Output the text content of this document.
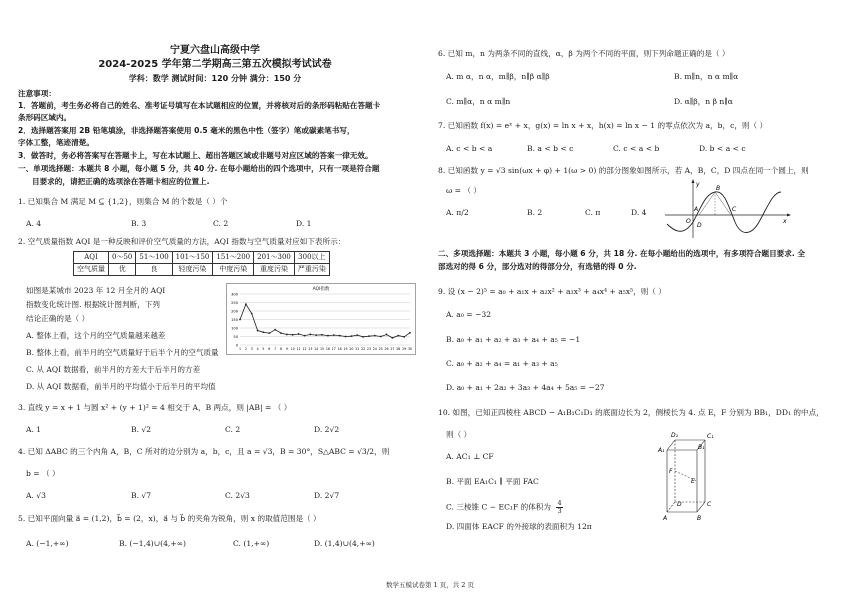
宁夏六盘山高级中学
2024-2025 学年第二学期高三第五次模拟考试试卷
学科：数学 测试时间：120 分钟 满分：150 分
注意事项：
1．答题前，考生务必将自己的姓名、准考证号填写在本试题相应的位置，并将核对后的条形码粘贴在答题卡
条形码区域内。
2．选择题答案用 2B 铅笔填涂，非选择题答案使用 0.5 毫米的黑色中性（签字）笔或碳素笔书写，
字体工整，笔迹清楚。
3．做答时，务必将答案写在答题卡上，写在本试题上、超出答题区域或非题号对应区域的答案一律无效。
一、单项选择题：本题共 8 小题，每小题 5 分，共 40 分. 在每小题给出的四个选项中，只有一项是符合题
目要求的，请把正确的选项涂在答题卡相应的位置上.
1. 已知集合 M 满足 M ⊆ {1,2}，则集合 M 的个数是（ ）个
A. 4	B. 3	C. 2	D. 1
2. 空气质量指数 AQI 是一种反映和评价空气质量的方法，AQI 指数与空气质量对应如下表所示：
AQI	0～50	51～100	101～150	151～200	201～300	300以上
空气质量	优	良	轻度污染	中度污染	重度污染	严重污染
如图是某城市 2023 年 12 月全月的 AQI
指数变化统计图. 根据统计图判断，下列
结论正确的是（ ）
AQI指数
0
50
100
150
200
250
300
1 2 3 4 5 6 7 8 9 10 11 12 13 14 15 16 17 18 19 20 21 22 23 24 25 26 27 28 29 30
A. 整体上看，这个月的空气质量越来越差
B. 整体上看，前半月的空气质量好于后半个月的空气质量
C. 从 AQI 数据看，前半月的方差大于后半月的方差
D. 从 AQI 数据看，前半月的平均值小于后半月的平均值
3. 直线 y = x + 1 与圆 x² + (y + 1)² = 4 相交于 A，B 两点，则 |AB| = （ ）
A. 1	B. √2	C. 2	D. 2√2
4. 已知 ΔABC 的三个内角 A，B，C 所对的边分别为 a，b，c，且 a = √3，B = 30°，S△ABC = √3/2，则
b = （ ）
A. √3	B. √7	C. 2√3	D. 2√7
5. 已知平面向量 a⃗ = (1,2)，b⃗ = (2，x)，a⃗ 与 b⃗ 的夹角为锐角，则 x 的取值范围是（ ）
A. (−1,+∞)	B. (−1,4)∪(4,+∞)	C. (1,+∞)	D. (1,4)∪(4,+∞)
6. 已知 m，n 为两条不同的直线，α，β 为两个不同的平面，则下列命题正确的是（ ）
A. m α，n α，m∥β，n∥β α∥β	B. m∥n，n α m∥α
C. m∥α，n α m∥n	D. α∥β，n β n∥α
7. 已知函数 f(x) = eˣ + x，g(x) = ln x + x，h(x) = ln x − 1 的零点依次为 a，b，c，则（ ）
A. c < b < a	B. a < b < c	C. c < a < b	D. b < a < c
8. 已知函数 y = √3 sin(ωx + φ) + 1(ω > 0) 的部分图象如图所示，若 A，B，C，D 四点在同一个圆上，则
ω = （ ）
A. π/2	B. 2	C. π	D. 4	A
B
C
D
O
y
x
二、多项选择题：本题共 3 小题，每小题 6 分，共 18 分. 在每小题给出的选项中，有多项符合题目要求. 全
部选对的得 6 分，部分选对的得部分分，有选错的得 0 分.
9. 设 (x − 2)⁵ = a₀ + a₁x + a₂x² + a₃x³ + a₄x⁴ + a₅x⁵，则（ ）
A. a₀ = −32
B. a₀ + a₁ + a₂ + a₃ + a₄ + a₅ = −1
C. a₀ + a₂ + a₄ = a₁ + a₃ + a₅
D. a₀ + a₁ + 2a₂ + 3a₃ + 4a₄ + 5a₅ = −27
10. 如图，已知正四棱柱 ABCD − A₁B₁C₁D₁ 的底面边长为 2，侧棱长为 4. 点 E，F 分别为 BB₁，DD₁ 的中点，
则（ ）
A. AC₁ ⊥ CF
B. 平面 EA₁C₁ ∥ 平面 FAC
C. 三棱锥 C − EC₁F 的体积为 $\frac{4}{3}$
D. 四面体 EACF 的外接球的表面积为 12π
D₁	C₁
A₁	B₁
F
E
D	C
A	B
数学五模试卷第 1 页，共 2 页
